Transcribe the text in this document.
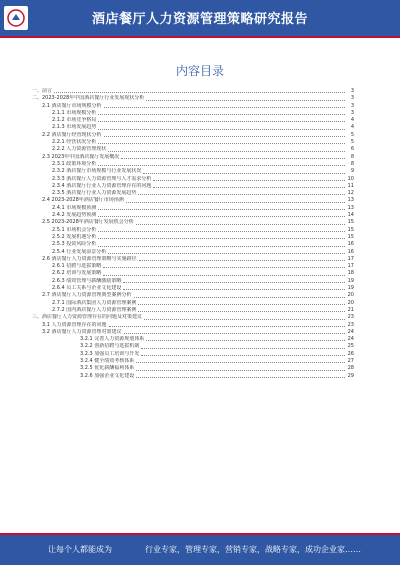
酒店餐厅人力资源管理策略研究报告
内容目录
一、前言	3
二、2023-2028年中国酒店餐厅行业发展现状分析	3
2.1 酒店餐厅市场规模分析	3
2.1.1 市场规模分析	3
2.1.2 市场竞争格局	4
2.1.3 市场发展趋势	4
2.2 酒店餐厅经营现状分析	5
2.2.1 经营状况分析	5
2.2.2 人力资源管理现状	6
2.3 2023年中国酒店餐厅发展概况	8
2.3.1 政策环境分析	8
2.3.2 酒店餐厅市场规模与行业发展状况	9
2.3.3 酒店餐厅人力资源管理与人才需求分析	10
2.3.4 酒店餐厅行业人力资源管理存在的问题	11
2.3.5 酒店餐厅行业人力资源发展趋势	12
2.4 2023-2028年酒店餐厅市场预测	13
2.4.1 市场规模预测	13
2.4.2 发展趋势预测	14
2.5 2023-2028年酒店餐厅发展机会分析	15
2.5.1 市场机会分析	15
2.5.2 发展机遇分析	15
2.5.3 投资风险分析	16
2.5.4 行业发展前景分析	16
2.6 酒店餐厅人力资源管理策略与实施路径	17
2.6.1 招聘与选拔策略	17
2.6.2 培训与发展策略	18
2.6.3 绩效管理与薪酬激励策略	19
2.6.4 员工关系与企业文化建设	19
2.7 酒店餐厅人力资源管理典型案例分析	20
2.7.1 国际酒店集团人力资源管理案例	20
2.7.2 国内酒店餐厅人力资源管理案例	21
三、酒店餐厅人力资源管理存在的问题及对策建议	23
3.1 人力资源管理存在的问题	23
3.2 酒店餐厅人力资源管理对策建议	24
3.2.1 完善人力资源规划体系	24
3.2.2 创新招聘与选拔机制	25
3.2.3 加强员工培训与开发	26
3.2.4 健全绩效考核体系	27
3.2.5 优化薪酬福利体系	28
3.2.6 加强企业文化建设	29
让每个人都能成为	行业专家，管理专家，营销专家，战略专家，成功企业家……
